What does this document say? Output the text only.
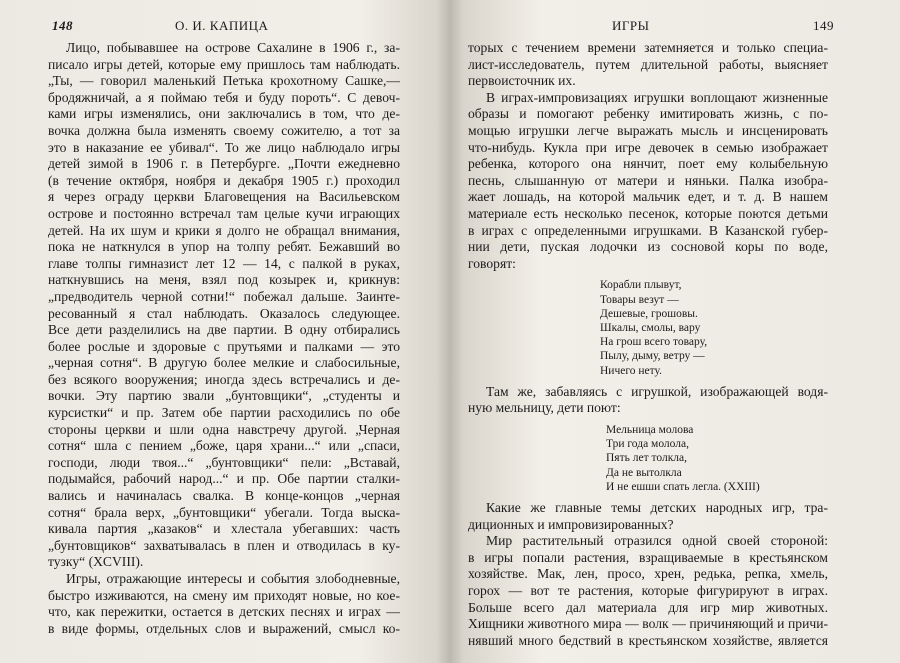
148	О. И. КАПИЦА
Лицо, побывавшее на острове Сахалине в 1906 г., за-
писало игры детей, которые ему пришлось там наблюдать.
„Ты, — говорил маленький Петька крохотному Сашке,—
бродяжничай, а я поймаю тебя и буду пороть“. С девоч-
ками игры изменялись, они заключались в том, что де-
вочка должна была изменять своему сожителю, а тот за
это в наказание ее убивал“. То же лицо наблюдало игры
детей зимой в 1906 г. в Петербурге. „Почти ежедневно
(в течение октября, ноября и декабря 1905 г.) проходил
я через ограду церкви Благовещения на Васильевском
острове и постоянно встречал там целые кучи играющих
детей. На их шум и крики я долго не обращал внимания,
пока не наткнулся в упор на толпу ребят. Бежавший во
главе толпы гимназист лет 12 — 14, с палкой в руках,
наткнувшись на меня, взял под козырек и, крикнув:
„предводитель черной сотни!“ побежал дальше. Заинте-
ресованный я стал наблюдать. Оказалось следующее.
Все дети разделились на две партии. В одну отбирались
более рослые и здоровые с прутьями и палками — это
„черная сотня“. В другую более мелкие и слабосильные,
без всякого вооружения; иногда здесь встречались и де-
вочки. Эту партию звали „бунтовщики“, „студенты и
курсистки“ и пр. Затем обе партии расходились по обе
стороны церкви и шли одна навстречу другой. „Черная
сотня“ шла с пением „боже, царя храни...“ или „спаси,
господи, люди твоя...“ „бунтовщики“ пели: „Вставай,
подымайся, рабочий народ...“ и пр. Обе партии сталки-
вались и начиналась свалка. В конце-концов „черная
сотня“ брала верх, „бунтовщики“ убегали. Тогда выска-
кивала партия „казаков“ и хлестала убегавших: часть
„бунтовщиков“ захватывалась в плен и отводилась в ку-
тузку“ (XCVIII).
Игры, отражающие интересы и события злободневные,
быстро изживаются, на смену им приходят новые, но кое-
что, как пережитки, остается в детских песнях и играх —
в виде формы, отдельных слов и выражений, смысл ко-
ИГРЫ	149
торых с течением времени затемняется и только специа-
лист-исследователь, путем длительной работы, выясняет
первоисточник их.
В играх-импровизациях игрушки воплощают жизненные
образы и помогают ребенку имитировать жизнь, с по-
мощью игрушки легче выражать мысль и инсценировать
что-нибудь. Кукла при игре девочек в семью изображает
ребенка, которого она нянчит, поет ему колыбельную
песнь, слышанную от матери и няньки. Палка изобра-
жает лошадь, на которой мальчик едет, и т. д. В нашем
материале есть несколько песенок, которые поются детьми
в играх с определенными игрушками. В Казанской губер-
нии дети, пуская лодочки из сосновой коры по воде,
говорят:
Корабли плывут,
Товары везут —
Дешевые, грошовы.
Шкалы, смолы, вару
На грош всего товару,
Пылу, дыму, ветру —
Ничего нету.
Там же, забавляясь с игрушкой, изображающей водя-
ную мельницу, дети поют:
Мельница молова
Три года молола,
Пять лет толкла,
Да не вытолкла
И не ешши спать легла. (XXIII)
Какие же главные темы детских народных игр, тра-
диционных и импровизированных?
Мир растительный отразился одной своей стороной:
в игры попали растения, взращиваемые в крестьянском
хозяйстве. Мак, лен, просо, хрен, редька, репка, хмель,
горох — вот те растения, которые фигурируют в играх.
Больше всего дал материала для игр мир животных.
Хищники животного мира — волк — причиняющий и причи-
нявший много бедствий в крестьянском хозяйстве, является
